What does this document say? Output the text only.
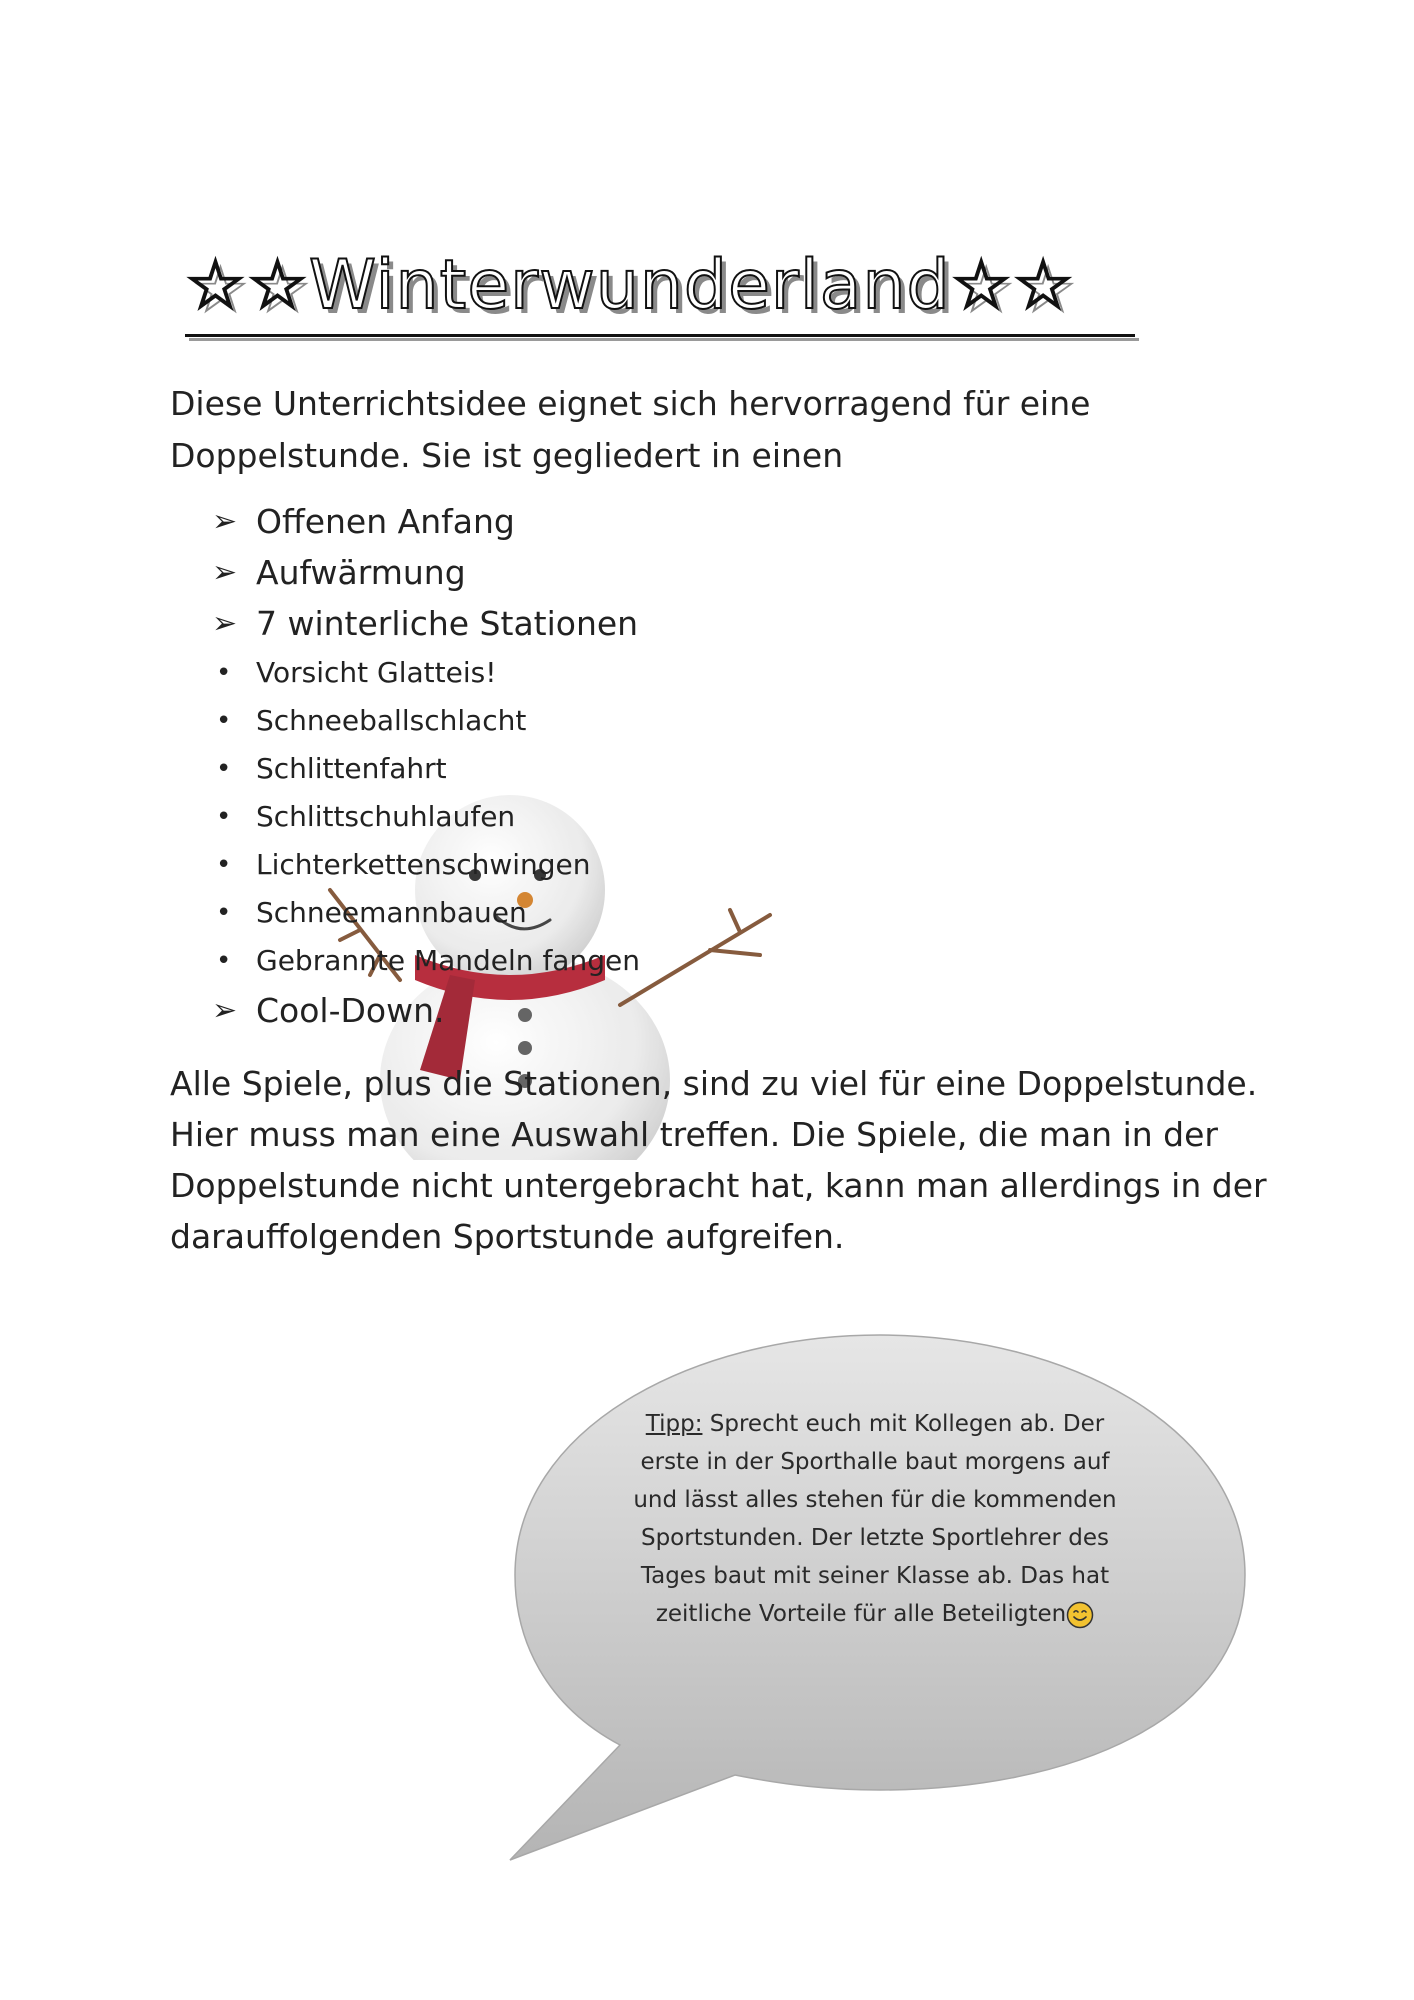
☆☆Winterwunderland☆☆
Diese Unterrichtsidee eignet sich hervorragend für eine Doppelstunde. Sie ist gegliedert in einen
➢ Offenen Anfang
➢ Aufwärmung
➢ 7 winterliche Stationen
• Vorsicht Glatteis!
• Schneeballschlacht
• Schlittenfahrt
• Schlittschuhlaufen
• Lichterkettenschwingen
• Schneemannbauen
• Gebrannte Mandeln fangen
➢ Cool-Down.
Alle Spiele, plus die Stationen, sind zu viel für eine Doppelstunde. Hier muss man eine Auswahl treffen. Die Spiele, die man in der Doppelstunde nicht untergebracht hat, kann man allerdings in der darauffolgenden Sportstunde aufgreifen.
Tipp: Sprecht euch mit Kollegen ab. Der erste in der Sporthalle baut morgens auf und lässt alles stehen für die kommenden Sportstunden. Der letzte Sportlehrer des Tages baut mit seiner Klasse ab. Das hat zeitliche Vorteile für alle Beteiligten
